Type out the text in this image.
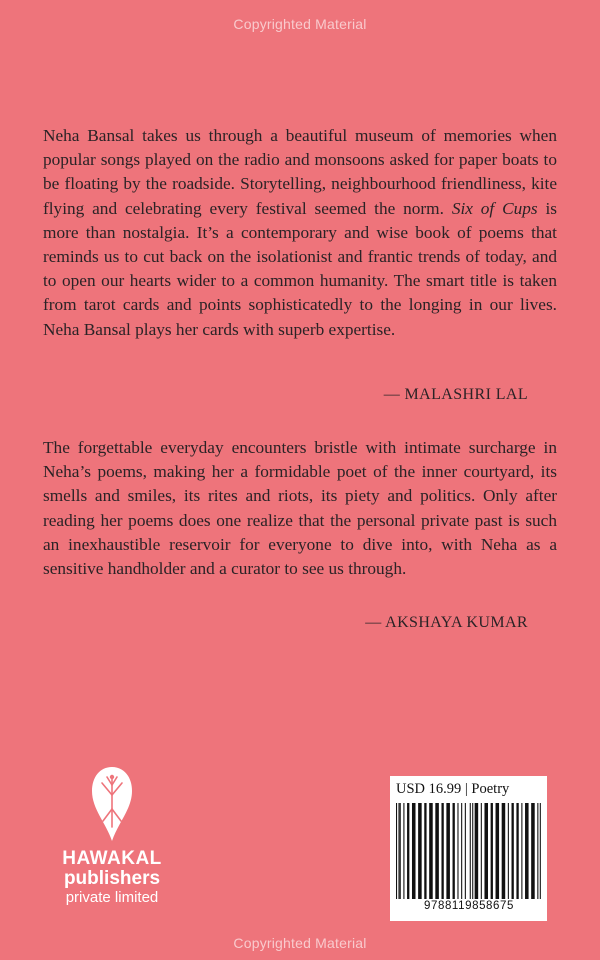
Copyrighted Material

Neha Bansal takes us through a beautiful museum of memories when popular songs played on the radio and monsoons asked for paper boats to be floating by the roadside. Storytelling, neighbourhood friendliness, kite flying and celebrating every festival seemed the norm. Six of Cups is more than nostalgia. It’s a contemporary and wise book of poems that reminds us to cut back on the isolationist and frantic trends of today, and to open our hearts wider to a common humanity. The smart title is taken from tarot cards and points sophisticatedly to the longing in our lives. Neha Bansal plays her cards with superb expertise.

— MALASHRI LAL

The forgettable everyday encounters bristle with intimate surcharge in Neha’s poems, making her a formidable poet of the inner courtyard, its smells and smiles, its rites and riots, its piety and politics. Only after reading her poems does one realize that the personal private past is such an inexhaustible reservoir for everyone to dive into, with Neha as a sensitive handholder and a curator to see us through.

— AKSHAYA KUMAR
HAWAKAL
publishers
private limited
USD 16.99 | Poetry
9788119858675
Copyrighted Material
